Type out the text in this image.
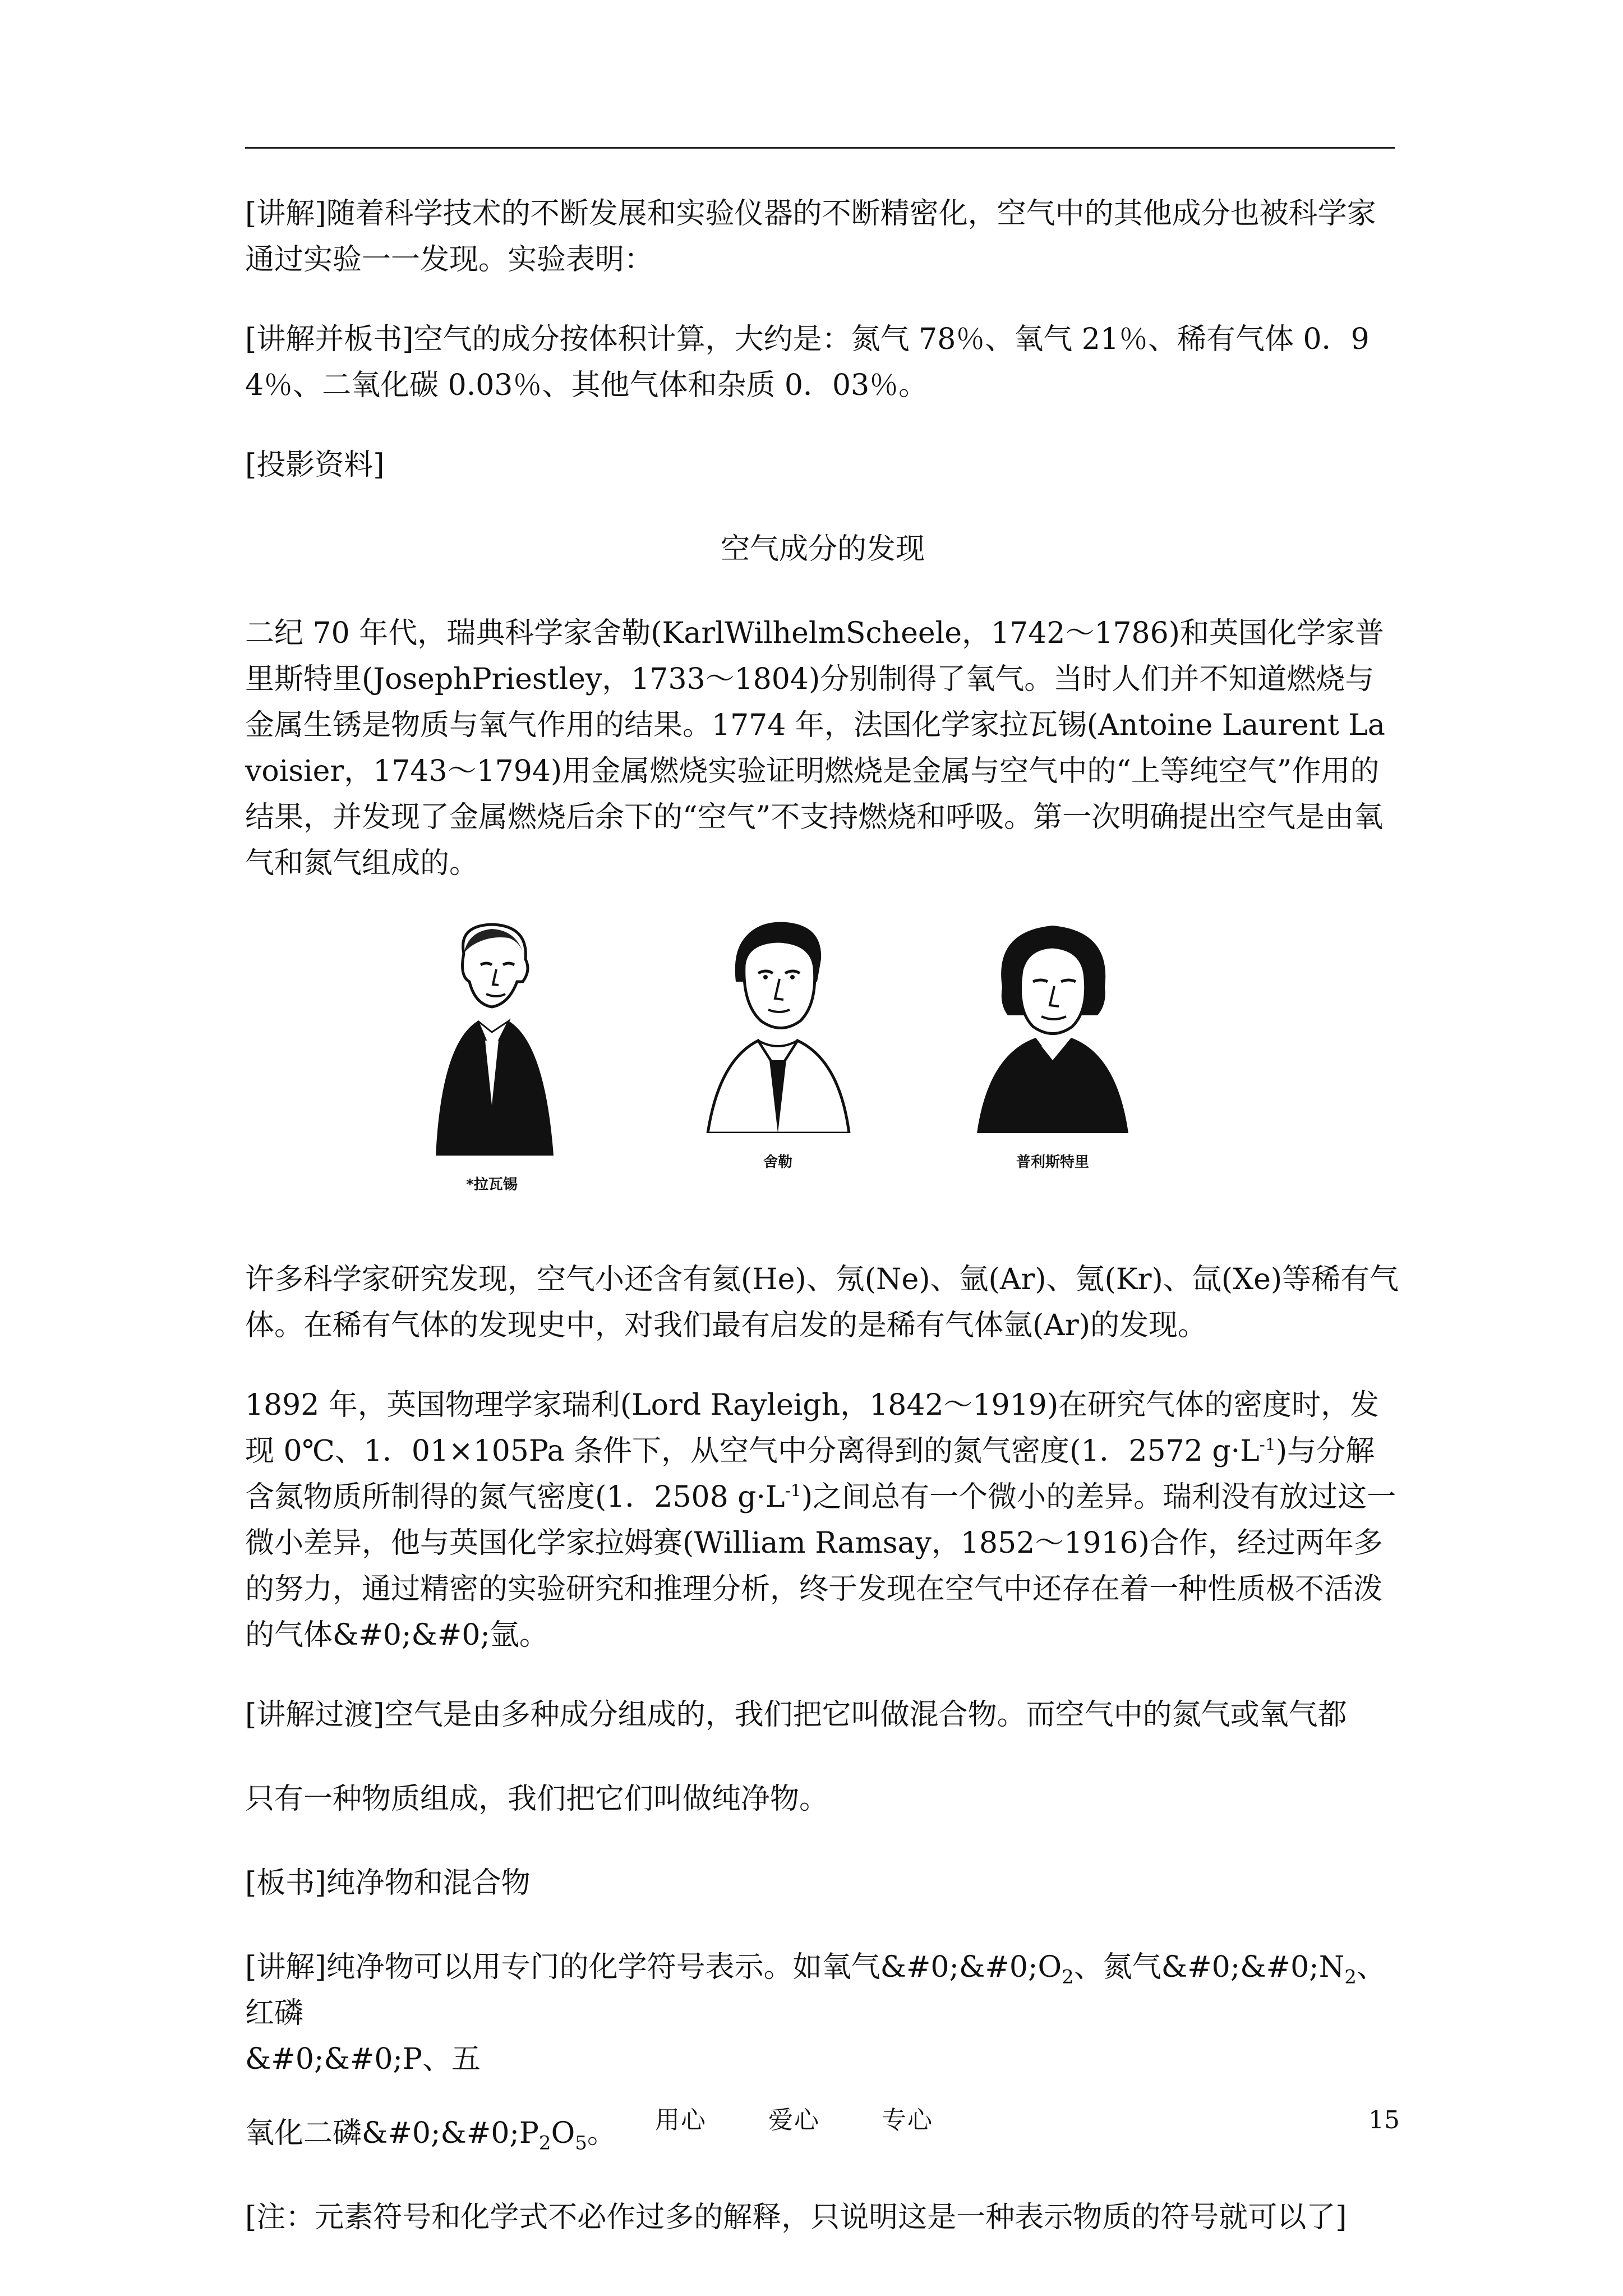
[讲解]随着科学技术的不断发展和实验仪器的不断精密化，空气中的其他成分也被科学家通过实验一一发现。实验表明：

[讲解并板书]空气的成分按体积计算，大约是：氮气 78％、氧气 21％、稀有气体 0．94％、二氧化碳 0.03％、其他气体和杂质 0．03％。

[投影资料]

空气成分的发现

二纪 70 年代，瑞典科学家舍勒(KarlWilhelmScheele，1742～1786)和英国化学家普里斯特里(JosephPriestley，1733～1804)分别制得了氧气。当时人们并不知道燃烧与金属生锈是物质与氧气作用的结果。1774 年，法国化学家拉瓦锡(Antoine Laurent Lavoisier，1743～1794)用金属燃烧实验证明燃烧是金属与空气中的“上等纯空气”作用的结果，并发现了金属燃烧后余下的“空气”不支持燃烧和呼吸。第一次明确提出空气是由氧气和氮气组成的。

*拉瓦锡
舍勒	普利斯特里

许多科学家研究发现，空气小还含有氦(He)、氖(Ne)、氩(Ar)、氪(Kr)、氙(Xe)等稀有气体。在稀有气体的发现史中，对我们最有启发的是稀有气体氩(Ar)的发现。

1892 年，英国物理学家瑞利(Lord Rayleigh，1842～1919)在研究气体的密度时，发现 0℃、1．01×105Pa 条件下，从空气中分离得到的氮气密度(1．2572 $g\cdot L^{-1}$)与分解含氮物质所制得的氮气密度(1．2508 $g\cdot L^{-1}$)之间总有一个微小的差异。瑞利没有放过这一微小差异，他与英国化学家拉姆赛(William Ramsay，1852～1916)合作，经过两年多的努力，通过精密的实验研究和推理分析，终于发现在空气中还存在着一种性质极不活泼的气体&#0;&#0;氩。

[讲解过渡]空气是由多种成分组成的，我们把它叫做混合物。而空气中的氮气或氧气都

只有一种物质组成，我们把它们叫做纯净物。

[板书]纯净物和混合物

[讲解]纯净物可以用专门的化学符号表示。如氧气$\&\#0;\&\#0;O_2$、氮气$\&\#0;\&\#0;N_2$、红磷
&#0;&#0;P、五

氧化二磷$\&\#0;\&\#0;P_2O_5$。

[注：元素符号和化学式不必作过多的解释，只说明这是一种表示物质的符号就可以了]

用心	爱心	专心	15
